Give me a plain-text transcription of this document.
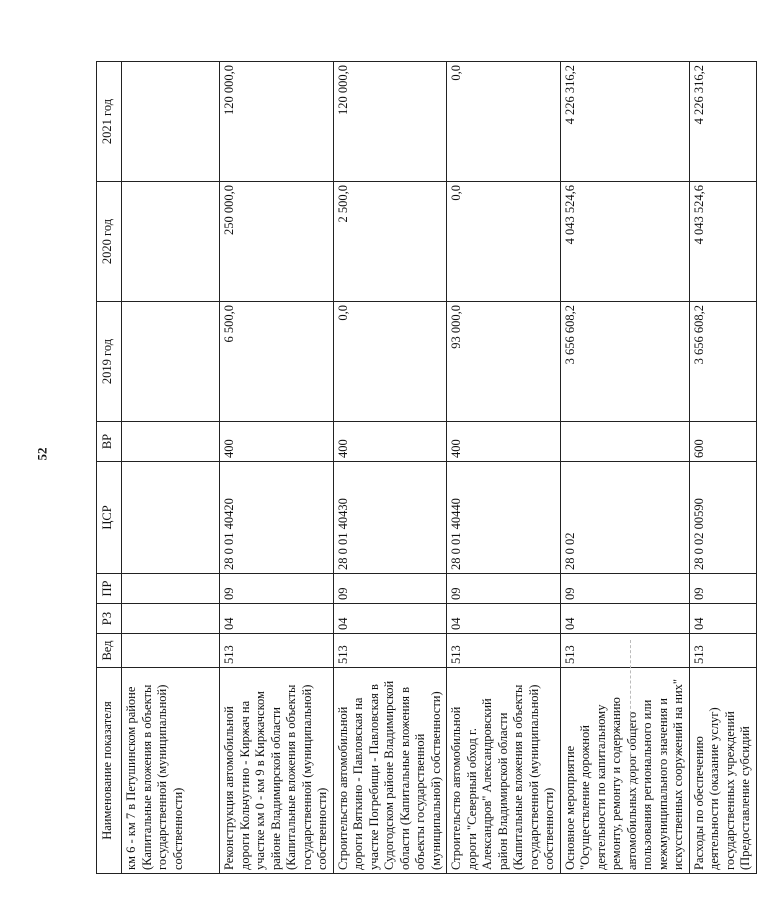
52
Наименование показателя	Вед	РЗ	ПР	ЦСР	ВР	2019 год	2020 год	2021 год
км 6 - км 7 в Петушинском районе (Капитальные вложения в объекты государственной (муниципальной) собственности)								
Реконструкция автомобильной дороги Кольчугино - Киржач на участке км 0 - км 9 в Киржачском районе Владимирской области (Капитальные вложения в объекты государственной (муниципальной) собственности)	513	04	09	28 0 01 40420	400	6 500,0	250 000,0	120 000,0
Строительство автомобильной дороги Вяткино - Павловская на участке Погребищи - Павловская в Судогодском районе Владимирской области (Капитальные вложения в объекты государственной (муниципальной) собственности)	513	04	09	28 0 01 40430	400	0,0	2 500,0	120 000,0
Строительство автомобильной дороги "Северный обход г. Александров" Александровский район Владимирской области (Капитальные вложения в объекты государственной (муниципальной) собственности)	513	04	09	28 0 01 40440	400	93 000,0	0,0	0,0
Основное мероприятие "Осуществление дорожной деятельности по капитальному ремонту, ремонту и содержанию автомобильных дорог общего пользования регионального или межмуниципального значения и искусственных сооружений на них"	513	04	09	28 0 02		3 656 608,2	4 043 524,6	4 226 316,2
Расходы по обеспечению деятельности (оказание услуг) государственных учреждений (Предоставление субсидий	513	04	09	28 0 02 00590	600	3 656 608,2	4 043 524,6	4 226 316,2
